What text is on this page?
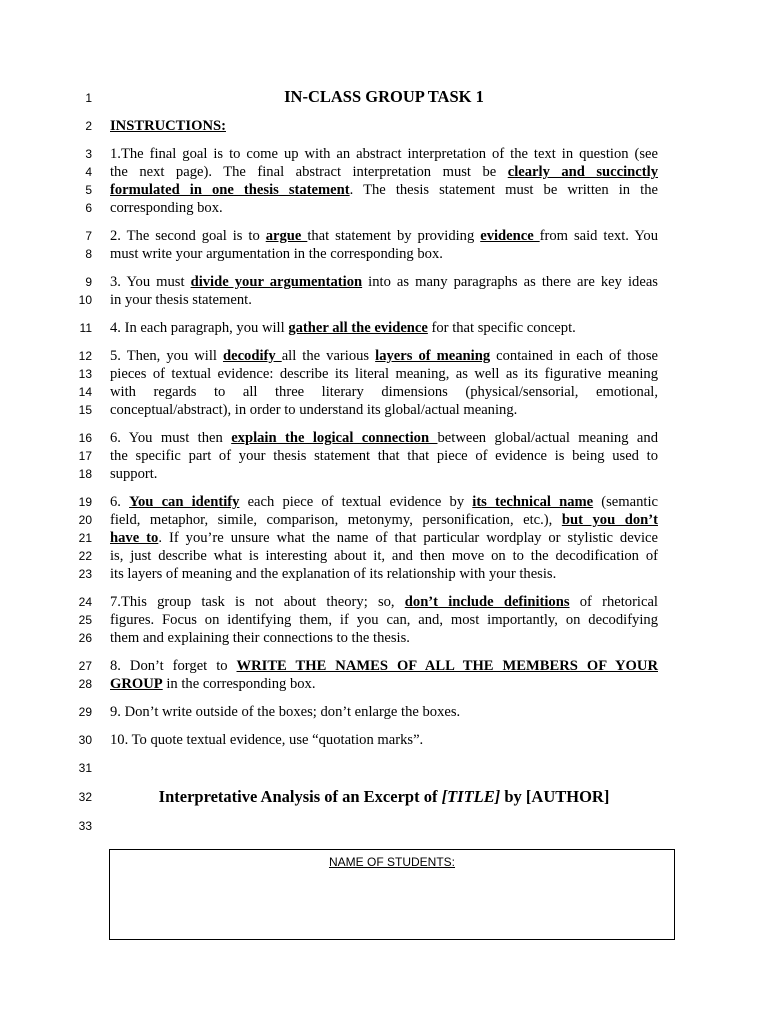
1
2
3
4
5
6
7
8
9
10
11
12
13
14
15
16
17
18
19
20
21
22
23
24
25
26
27
28
29
30
31
32
33
IN-CLASS GROUP TASK 1
INSTRUCTIONS:
1.The final goal is to come up with an abstract interpretation of the text in question (see
the next page). The final abstract interpretation must be clearly and succinctly
formulated in one thesis statement. The thesis statement must be written in the
corresponding box.
2. The second goal is to argue that statement by providing evidence from said text. You
must write your argumentation in the corresponding box.
3. You must divide your argumentation into as many paragraphs as there are key ideas
in your thesis statement.
4. In each paragraph, you will gather all the evidence for that specific concept.
5. Then, you will decodify all the various layers of meaning contained in each of those
pieces of textual evidence: describe its literal meaning, as well as its figurative meaning
with regards to all three literary dimensions (physical/sensorial, emotional,
conceptual/abstract), in order to understand its global/actual meaning.
6. You must then explain the logical connection between global/actual meaning and
the specific part of your thesis statement that that piece of evidence is being used to
support.
6. You can identify each piece of textual evidence by its technical name (semantic
field, metaphor, simile, comparison, metonymy, personification, etc.), but you don’t
have to. If you’re unsure what the name of that particular wordplay or stylistic device
is, just describe what is interesting about it, and then move on to the decodification of
its layers of meaning and the explanation of its relationship with your thesis.
7.This group task is not about theory; so, don’t include definitions of rhetorical
figures. Focus on identifying them, if you can, and, most importantly, on decodifying
them and explaining their connections to the thesis.
8. Don’t forget to WRITE THE NAMES OF ALL THE MEMBERS OF YOUR
GROUP in the corresponding box.
9. Don’t write outside of the boxes; don’t enlarge the boxes.
10. To quote textual evidence, use “quotation marks”.
Interpretative Analysis of an Excerpt of [TITLE] by [AUTHOR]
NAME OF STUDENTS:
